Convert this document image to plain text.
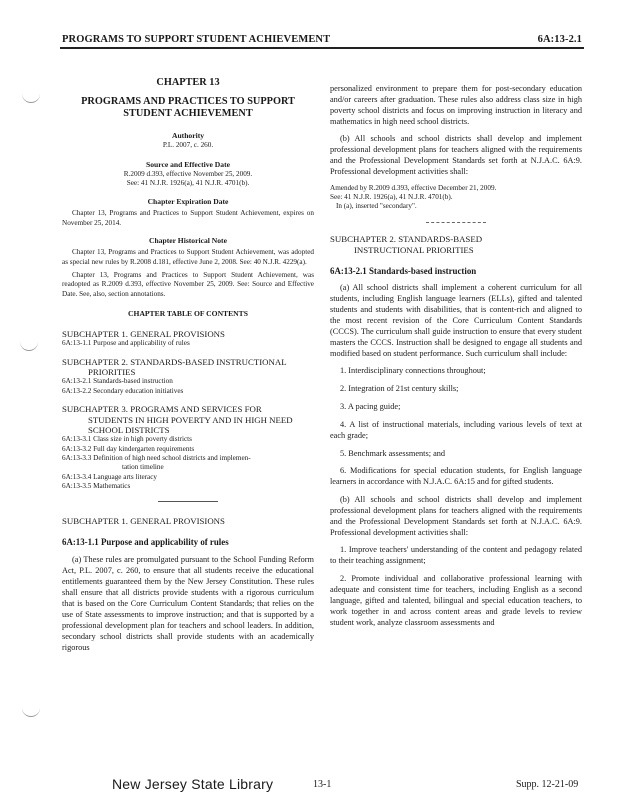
PROGRAMS TO SUPPORT STUDENT ACHIEVEMENT	6A:13-2.1
CHAPTER 13
PROGRAMS AND PRACTICES TO SUPPORT STUDENT ACHIEVEMENT
Authority
P.L. 2007, c. 260.
Source and Effective Date
R.2009 d.393, effective November 25, 2009.
See: 41 N.J.R. 1926(a), 41 N.J.R. 4701(b).
Chapter Expiration Date
Chapter 13, Programs and Practices to Support Student Achievement, expires on November 25, 2014.
Chapter Historical Note
Chapter 13, Programs and Practices to Support Student Achievement, was adopted as special new rules by R.2008 d.181, effective June 2, 2008. See: 40 N.J.R. 4229(a).
Chapter 13, Programs and Practices to Support Student Achievement, was readopted as R.2009 d.393, effective November 25, 2009. See: Source and Effective Date. See, also, section annotations.
CHAPTER TABLE OF CONTENTS
SUBCHAPTER 1. GENERAL PROVISIONS
6A:13-1.1 Purpose and applicability of rules
SUBCHAPTER 2. STANDARDS-BASED INSTRUCTIONAL
PRIORITIES
6A:13-2.1 Standards-based instruction
6A:13-2.2 Secondary education initiatives
SUBCHAPTER 3. PROGRAMS AND SERVICES FOR
STUDENTS IN HIGH POVERTY AND IN HIGH NEED
SCHOOL DISTRICTS
6A:13-3.1 Class size in high poverty districts
6A:13-3.2 Full day kindergarten requirements
6A:13-3.3 Definition of high need school districts and implemen-
tation timeline
6A:13-3.4 Language arts literacy
6A:13-3.5 Mathematics
SUBCHAPTER 1. GENERAL PROVISIONS
6A:13-1.1 Purpose and applicability of rules

(a) These rules are promulgated pursuant to the School Funding Reform Act, P.L. 2007, c. 260, to ensure that all students receive the educational entitlements guaranteed them by the New Jersey Constitution. These rules shall ensure that all districts provide students with a rigorous curriculum that is based on the Core Curriculum Content Standards; that relies on the use of State assessments to improve instruction; and that is supported by a professional development plan for teachers and school leaders. In addition, secondary school districts shall provide students with an academically rigorous

personalized environment to prepare them for post-secondary education and/or careers after graduation. These rules also address class size in high poverty school districts and focus on improving instruction in literacy and mathematics in high need school districts.

(b) All schools and school districts shall develop and implement professional development plans for teachers aligned with the requirements and the Professional Development Standards set forth at N.J.A.C. 6A:9. Professional development activities shall:

Amended by R.2009 d.393, effective December 21, 2009.
See: 41 N.J.R. 1926(a), 41 N.J.R. 4701(b).
In (a), inserted "secondary".
SUBCHAPTER 2. STANDARDS-BASED
INSTRUCTIONAL PRIORITIES
6A:13-2.1 Standards-based instruction

(a) All school districts shall implement a coherent curriculum for all students, including English language learners (ELLs), gifted and talented students and students with disabilities, that is content-rich and aligned to the most recent revision of the Core Curriculum Content Standards (CCCS). The curriculum shall guide instruction to ensure that every student masters the CCCS. Instruction shall be designed to engage all students and modified based on student performance. Such curriculum shall include:

1. Interdisciplinary connections throughout;
2. Integration of 21st century skills;
3. A pacing guide;
4. A list of instructional materials, including various levels of text at each grade;
5. Benchmark assessments; and
6. Modifications for special education students, for English language learners in accordance with N.J.A.C. 6A:15 and for gifted students.

(b) All schools and school districts shall develop and implement professional development plans for teachers aligned with the requirements and the Professional Development Standards set forth at N.J.A.C. 6A:9. Professional development activities shall:

1. Improve teachers' understanding of the content and pedagogy related to their teaching assignment;
2. Promote individual and collaborative professional learning with adequate and consistent time for teachers, including English as a second language, gifted and talented, bilingual and special education teachers, to work together in and across content areas and grade levels to review student work, analyze classroom assessments and
New Jersey State Library	13-1	Supp. 12-21-09
